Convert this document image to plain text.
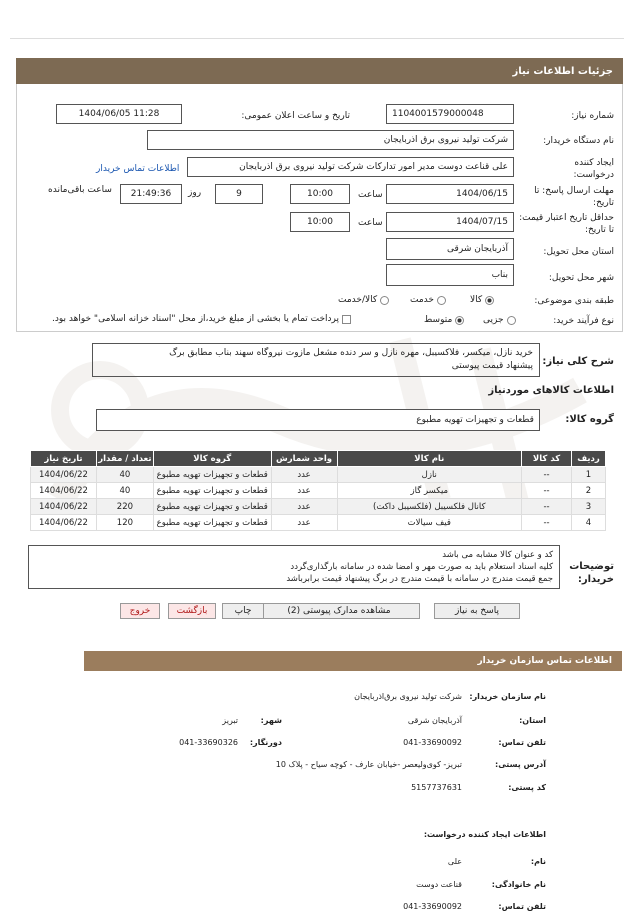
جزئیات اطلاعات نیاز
شماره نیاز:
1104001579000048
تاریخ و ساعت اعلان عمومی:
1404/06/05 11:28
نام دستگاه خریدار:
شرکت تولید نیروی برق اذربایجان
ایجاد کننده درخواست:
علی قناعت دوست مدیر امور تدارکات شرکت تولید نیروی برق اذربایجان
اطلاعات تماس خریدار
مهلت ارسال پاسخ: تا تاریخ:
1404/06/15
ساعت
10:00
9
روز
21:49:36
ساعت باقی‌مانده
حداقل تاریخ اعتبار قیمت: تا تاریخ:
1404/07/15
ساعت
10:00
استان محل تحویل:
آذربایجان شرقی
شهر محل تحویل:
بناب
طبقه بندی موضوعی:
کالا
خدمت
کالا/خدمت
نوع فرآیند خرید:
جزیی
متوسط
پرداخت تمام یا بخشی از مبلغ خرید،از محل "اسناد خزانه اسلامی" خواهد بود.
شرح کلی نیاز:
خرید نازل، میکسر، فلاکسیبل، مهره نازل و سر دنده مشعل مازوت نیروگاه سهند بناب مطابق برگ
پیشنهاد قیمت پیوستی
اطلاعات کالاهای موردنیاز
گروه کالا:
قطعات و تجهیزات تهویه مطبوع
تاریخ نیاز	تعداد / مقدار	گروه کالا	واحد شمارش	نام کالا	کد کالا	ردیف
1404/06/22	40	قطعات و تجهیزات تهویه مطبوع	عدد	نازل	--	1
1404/06/22	40	قطعات و تجهیزات تهویه مطبوع	عدد	میکسر گاز	--	2
1404/06/22	220	قطعات و تجهیزات تهویه مطبوع	عدد	کانال فلکسیبل (فلکسیبل داکت)	--	3
1404/06/22	120	قطعات و تجهیزات تهویه مطبوع	عدد	قیف سیالات	--	4
توضیحات خریدار:
کد و عنوان کالا مشابه می باشد
کلیه اسناد استعلام باید به صورت مهر و امضا شده در سامانه بارگذاری‌گردد
جمع قیمت مندرج در سامانه با قیمت مندرج در برگ پیشنهاد قیمت برابرباشد
پاسخ به نیاز
مشاهده مدارک پیوستی (2)
چاپ
بازگشت
خروج
اطلاعات تماس سازمان خریدار
نام سازمان خریدار:
شرکت تولید نیروی برق‌اذربایجان
استان:
آذربایجان شرقی
شهر:
تبریز
تلفن تماس:
041-33690092
دورنگار:
041-33690326
آدرس پستی:
تبریز- کوی‌ولیعصر -خیابان عارف - کوچه سیاح - پلاک 10
کد پستی:
5157737631
اطلاعات ایجاد کننده درخواست:
نام:
علی
نام خانوادگی:
قناعت دوست
تلفن تماس:
041-33690092
